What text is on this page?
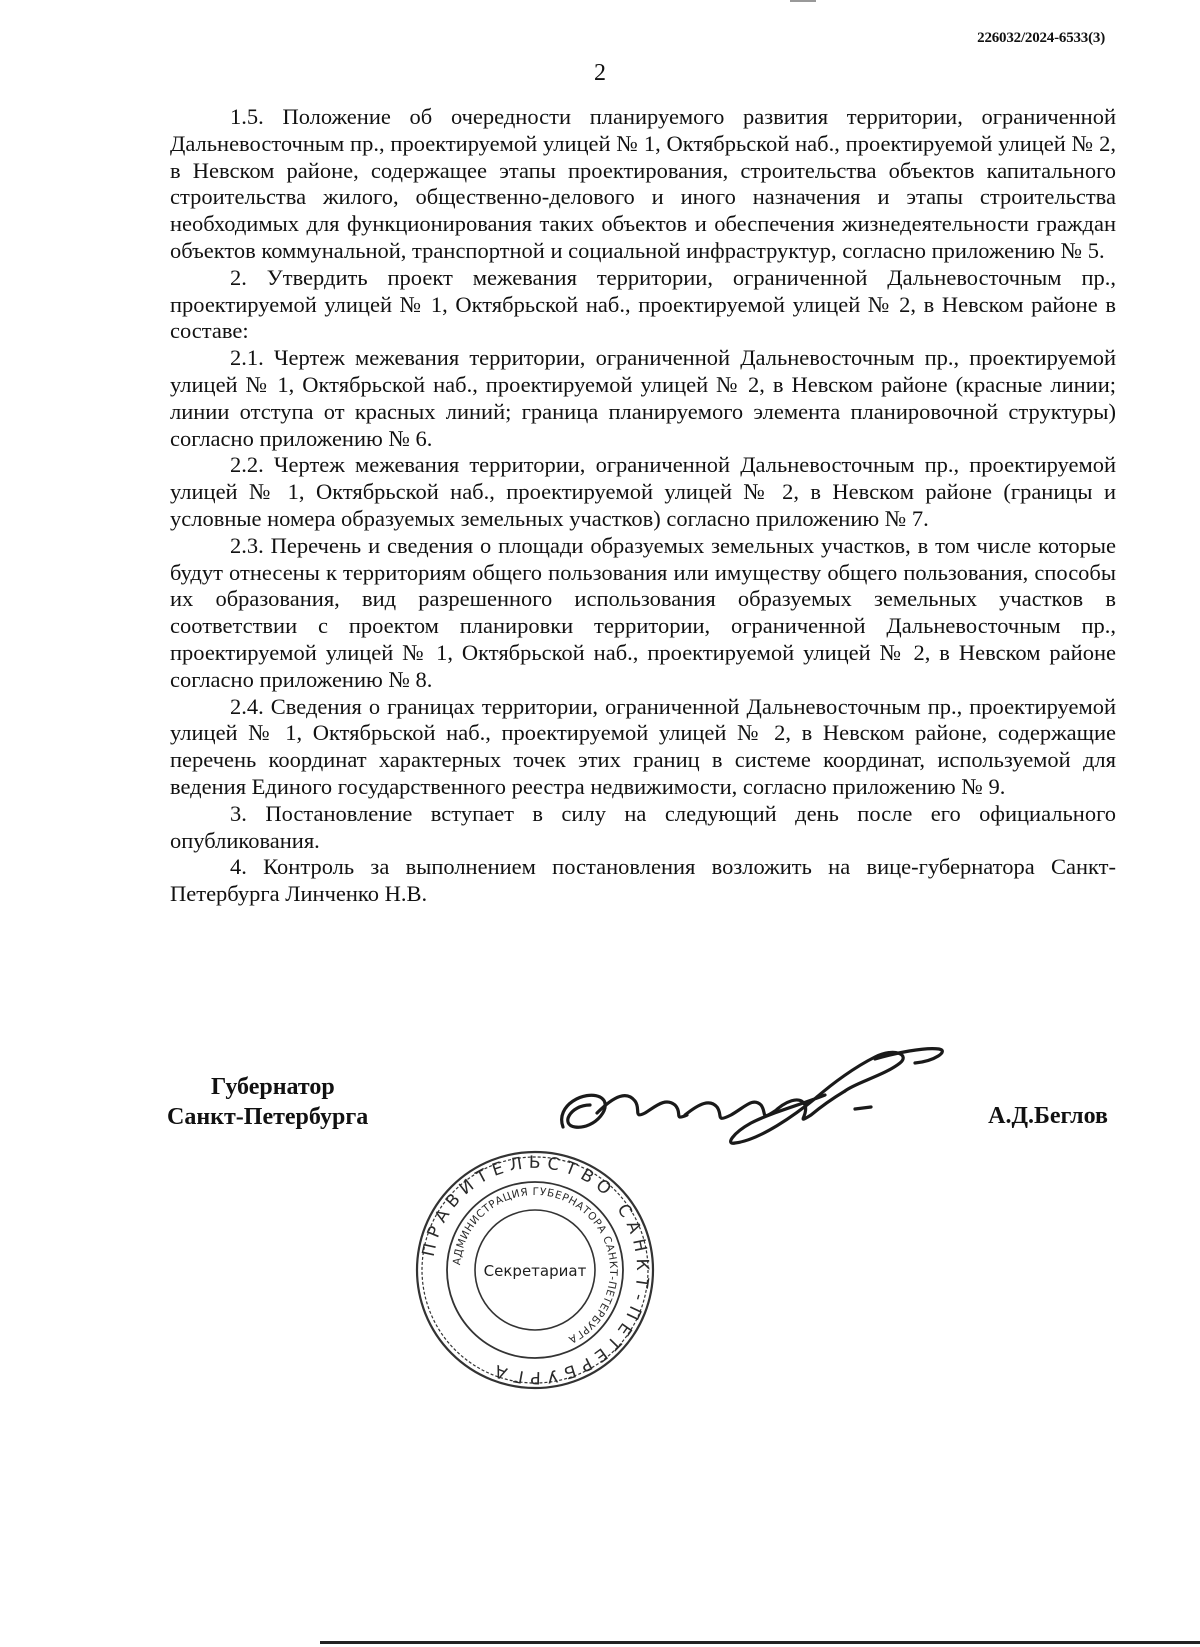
226032/2024-6533(3)
2

1.5. Положение об очередности планируемого развития территории, ограниченной Дальневосточным пр., проектируемой улицей № 1, Октябрьской наб., проектируемой улицей № 2, в Невском районе, содержащее этапы проектирования, строительства объектов капитального строительства жилого, общественно-делового и иного назначения и этапы строительства необходимых для функционирования таких объектов и обеспечения жизнедеятельности граждан объектов коммунальной, транспортной и социальной инфраструктур, согласно приложению № 5.

2. Утвердить проект межевания территории, ограниченной Дальневосточным пр., проектируемой улицей № 1, Октябрьской наб., проектируемой улицей № 2, в Невском районе в составе:

2.1. Чертеж межевания территории, ограниченной Дальневосточным пр., проектируемой улицей № 1, Октябрьской наб., проектируемой улицей № 2, в Невском районе (красные линии; линии отступа от красных линий; граница планируемого элемента планировочной структуры) согласно приложению № 6.

2.2. Чертеж межевания территории, ограниченной Дальневосточным пр., проектируемой улицей № 1, Октябрьской наб., проектируемой улицей № 2, в Невском районе (границы и условные номера образуемых земельных участков) согласно приложению № 7.

2.3. Перечень и сведения о площади образуемых земельных участков, в том числе которые будут отнесены к территориям общего пользования или имуществу общего пользования, способы их образования, вид разрешенного использования образуемых земельных участков в соответствии с проектом планировки территории, ограниченной Дальневосточным пр., проектируемой улицей № 1, Октябрьской наб., проектируемой улицей № 2, в Невском районе согласно приложению № 8.

2.4. Сведения о границах территории, ограниченной Дальневосточным пр., проектируемой улицей № 1, Октябрьской наб., проектируемой улицей № 2, в Невском районе, содержащие перечень координат характерных точек этих границ в системе координат, используемой для ведения Единого государственного реестра недвижимости, согласно приложению № 9.

3. Постановление вступает в силу на следующий день после его официального опубликования.

4. Контроль за выполнением постановления возложить на вице-губернатора Санкт-Петербурга Линченко Н.В.

Губернатор
Санкт-Петербурга	А.Д.Беглов
ПРАВИТЕЛЬСТВО САНКТ-ПЕТЕРБУРГА
АДМИНИСТРАЦИЯ ГУБЕРНАТОРА САНКТ-ПЕТЕРБУРГА
Секретариат
